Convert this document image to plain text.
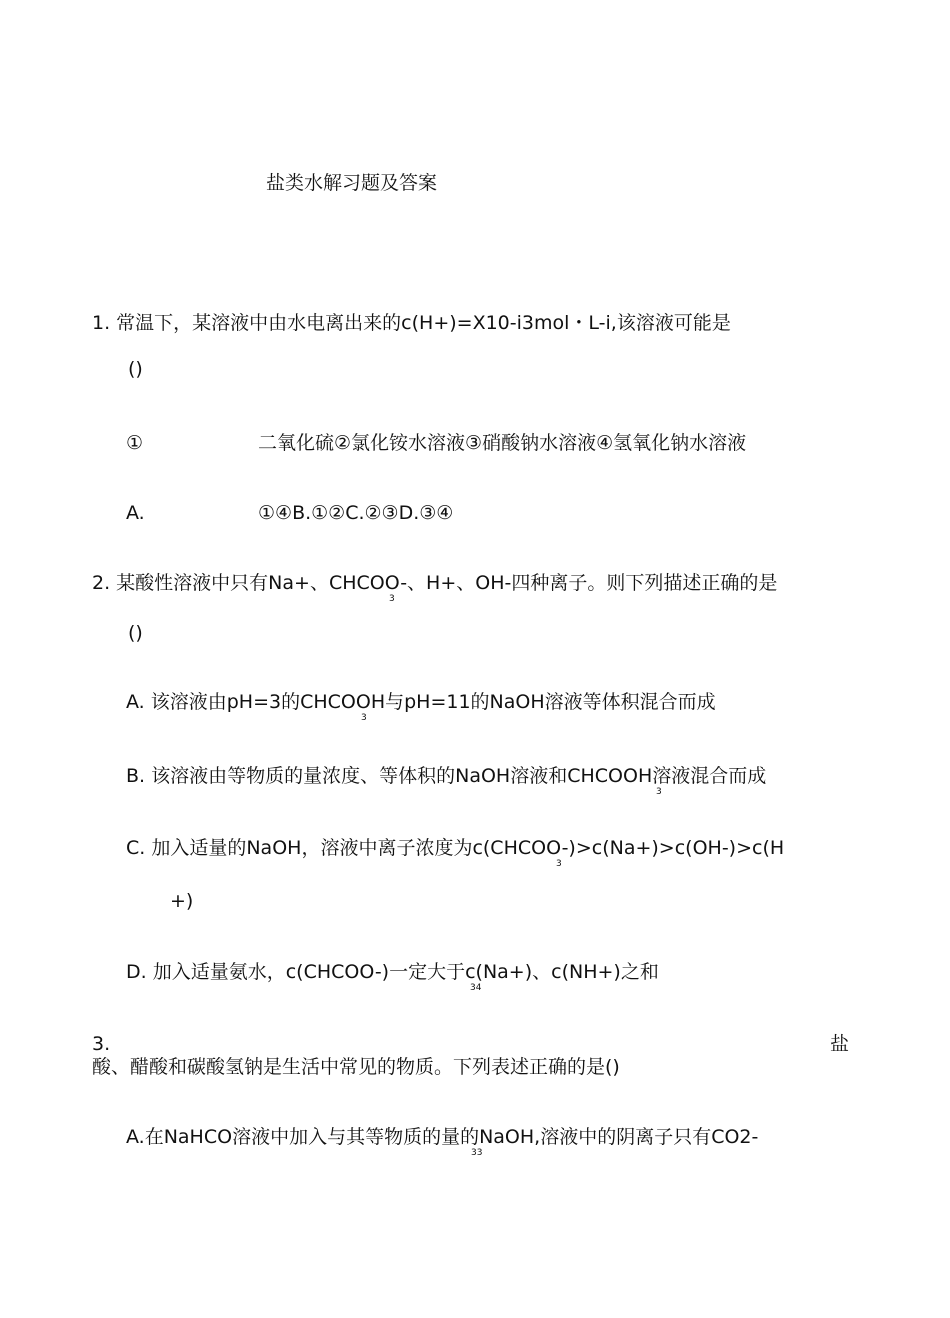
盐类水解习题及答案
1. 常温下，某溶液中由水电离出来的c(H+)=X10-i3mol・L-i,该溶液可能是
()
①	二氧化硫②氯化铵水溶液③硝酸钠水溶液④氢氧化钠水溶液
A.	①④B.①②C.②③D.③④
2. 某酸性溶液中只有Na+、CHCOO-、H+、OH-四种离子。则下列描述正确的是
3
()
A. 该溶液由pH=3的CHCOOH与pH=11的NaOH溶液等体积混合而成
3
B. 该溶液由等物质的量浓度、等体积的NaOH溶液和CHCOOH溶液混合而成
3
C. 加入适量的NaOH，溶液中离子浓度为c(CHCOO-)>c(Na+)>c(OH-)>c(H
3
+)
D. 加入适量氨水，c(CHCOO-)一定大于c(Na+)、c(NH+)之和
34
3.	盐
酸、醋酸和碳酸氢钠是生活中常见的物质。下列表述正确的是()
A.在NaHCO溶液中加入与其等物质的量的NaOH,溶液中的阴离子只有CO2-
33
